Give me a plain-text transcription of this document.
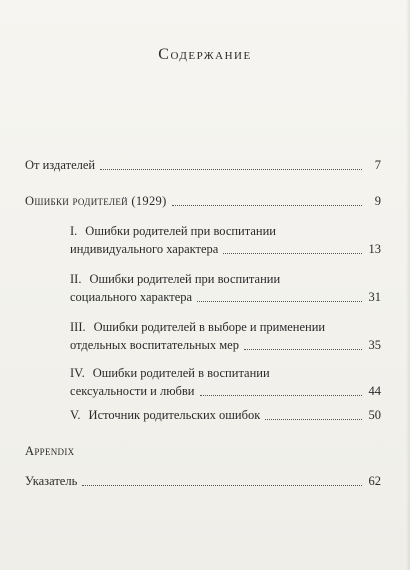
Содержание
От издателей	7
Ошибки родителей (1929)	9
I. Ошибки родителей при воспитании
индивидуального характера	13
II. Ошибки родителей при воспитании
социального характера	31
III. Ошибки родителей в выборе и применении
отдельных воспитательных мер	35
IV. Ошибки родителей в воспитании
сексуальности и любви	44
V. Источник родительских ошибок	50
Appendix
Указатель	62
